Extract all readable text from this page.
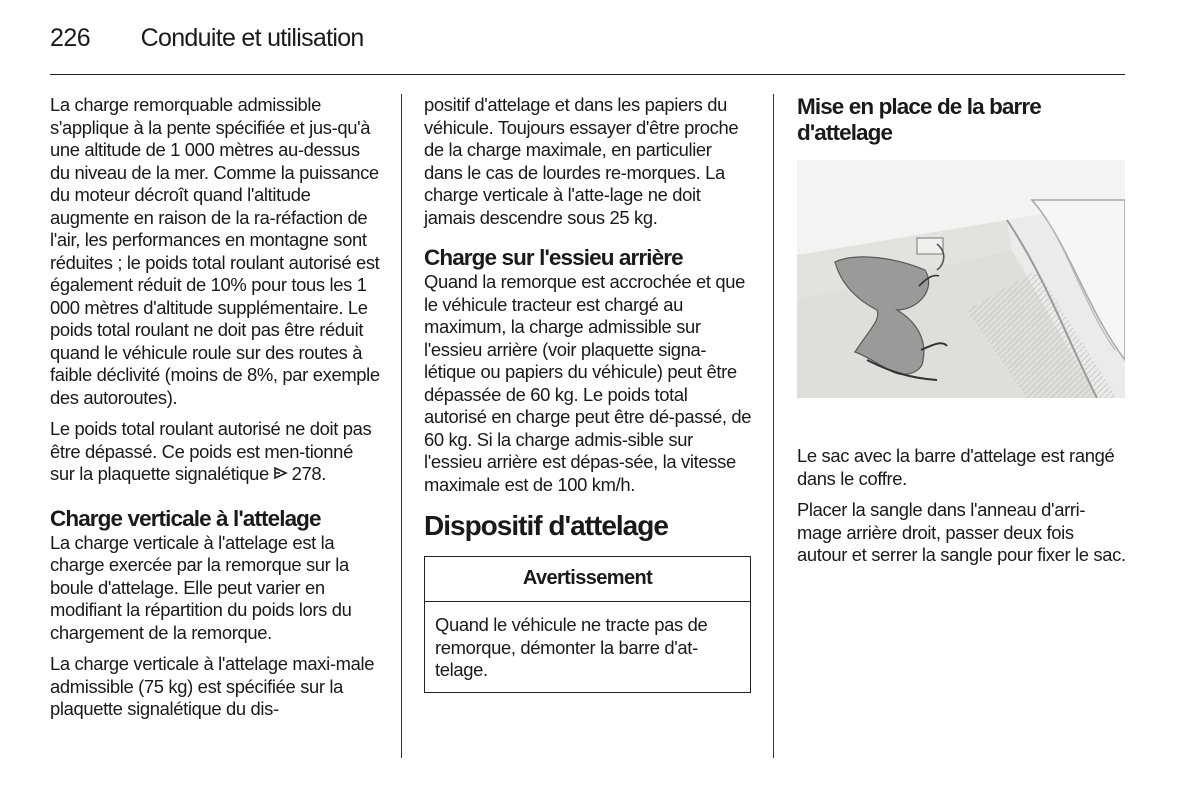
226 Conduite et utilisation

La charge remorquable admissible s'applique à la pente spécifiée et jus-qu'à une altitude de 1 000 mètres au-dessus du niveau de la mer. Comme la puissance du moteur décroît quand l'altitude augmente en raison de la ra-réfaction de l'air, les performances en montagne sont réduites ; le poids total roulant autorisé est également réduit de 10% pour tous les 1 000 mètres d'altitude supplémentaire. Le poids total roulant ne doit pas être réduit quand le véhicule roule sur des routes à faible déclivité (moins de 8%, par exemple des autoroutes).

Le poids total roulant autorisé ne doit pas être dépassé. Ce poids est men-tionné sur la plaquette signalétique 278.

Charge verticale à l'attelage

La charge verticale à l'attelage est la charge exercée par la remorque sur la boule d'attelage. Elle peut varier en modifiant la répartition du poids lors du chargement de la remorque.

La charge verticale à l'attelage maxi-male admissible (75 kg) est spécifiée sur la plaquette signalétique du dis-

positif d'attelage et dans les papiers du véhicule. Toujours essayer d'être proche de la charge maximale, en particulier dans le cas de lourdes re-morques. La charge verticale à l'atte-lage ne doit jamais descendre sous 25 kg.

Charge sur l'essieu arrière

Quand la remorque est accrochée et que le véhicule tracteur est chargé au maximum, la charge admissible sur l'essieu arrière (voir plaquette signa-létique ou papiers du véhicule) peut être dépassée de 60 kg. Le poids total autorisé en charge peut être dé-passé, de 60 kg. Si la charge admis-sible sur l'essieu arrière est dépas-sée, la vitesse maximale est de 100 km/h.

Dispositif d'attelage
Avertissement

Quand le véhicule ne tracte pas de remorque, démonter la barre d'at-telage.

Mise en place de la barre d'attelage

Le sac avec la barre d'attelage est rangé dans le coffre.

Placer la sangle dans l'anneau d'arri-mage arrière droit, passer deux fois autour et serrer la sangle pour fixer le sac.
